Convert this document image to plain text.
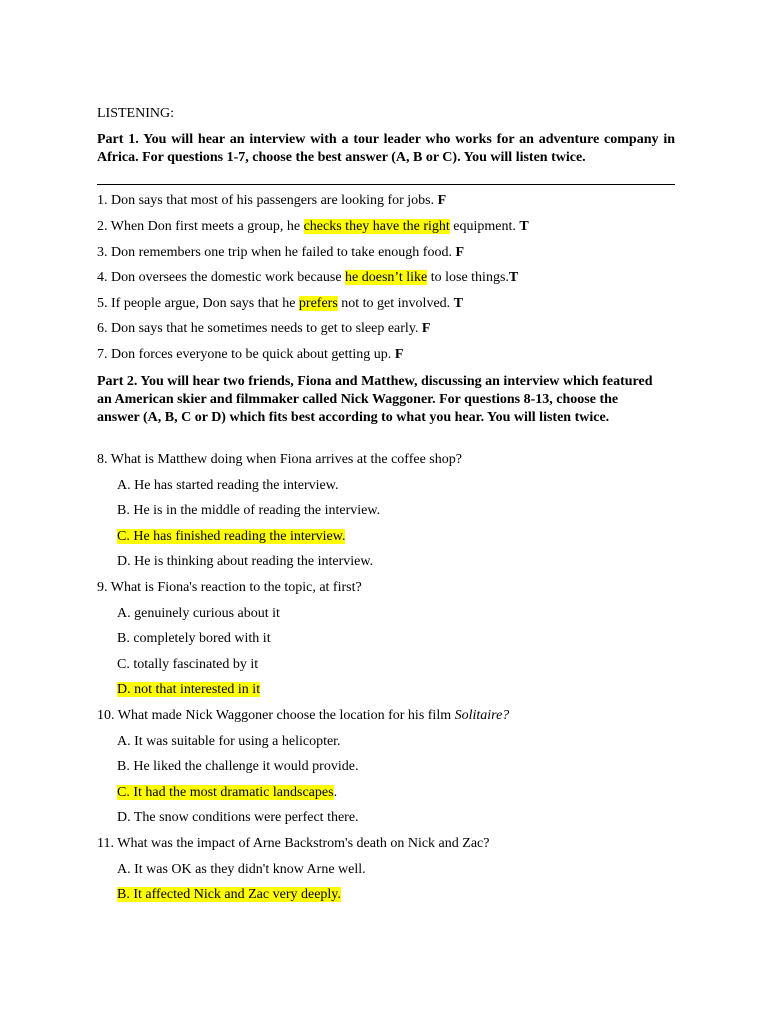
LISTENING:
Part 1. You will hear an interview with a tour leader who works for an adventure company in Africa. For questions 1-7, choose the best answer (A, B or C). You will listen twice.
1. Don says that most of his passengers are looking for jobs. F
2. When Don first meets a group, he checks they have the right equipment. T
3. Don remembers one trip when he failed to take enough food. F
4. Don oversees the domestic work because he doesn’t like to lose things.T
5. If people argue, Don says that he prefers not to get involved. T
6. Don says that he sometimes needs to get to sleep early. F
7. Don forces everyone to be quick about getting up. F
Part 2. You will hear two friends, Fiona and Matthew, discussing an interview which featured an American skier and filmmaker called Nick Waggoner. For questions 8-13, choose the answer (A, B, C or D) which fits best according to what you hear. You will listen twice.
8. What is Matthew doing when Fiona arrives at the coffee shop?
A. He has started reading the interview.
B. He is in the middle of reading the interview.
C. He has finished reading the interview.
D. He is thinking about reading the interview.
9. What is Fiona's reaction to the topic, at first?
A. genuinely curious about it
B. completely bored with it
C. totally fascinated by it
D. not that interested in it
10. What made Nick Waggoner choose the location for his film Solitaire?
A. It was suitable for using a helicopter.
B. He liked the challenge it would provide.
C. It had the most dramatic landscapes.
D. The snow conditions were perfect there.
11. What was the impact of Arne Backstrom's death on Nick and Zac?
A. It was OK as they didn't know Arne well.
B. It affected Nick and Zac very deeply.
